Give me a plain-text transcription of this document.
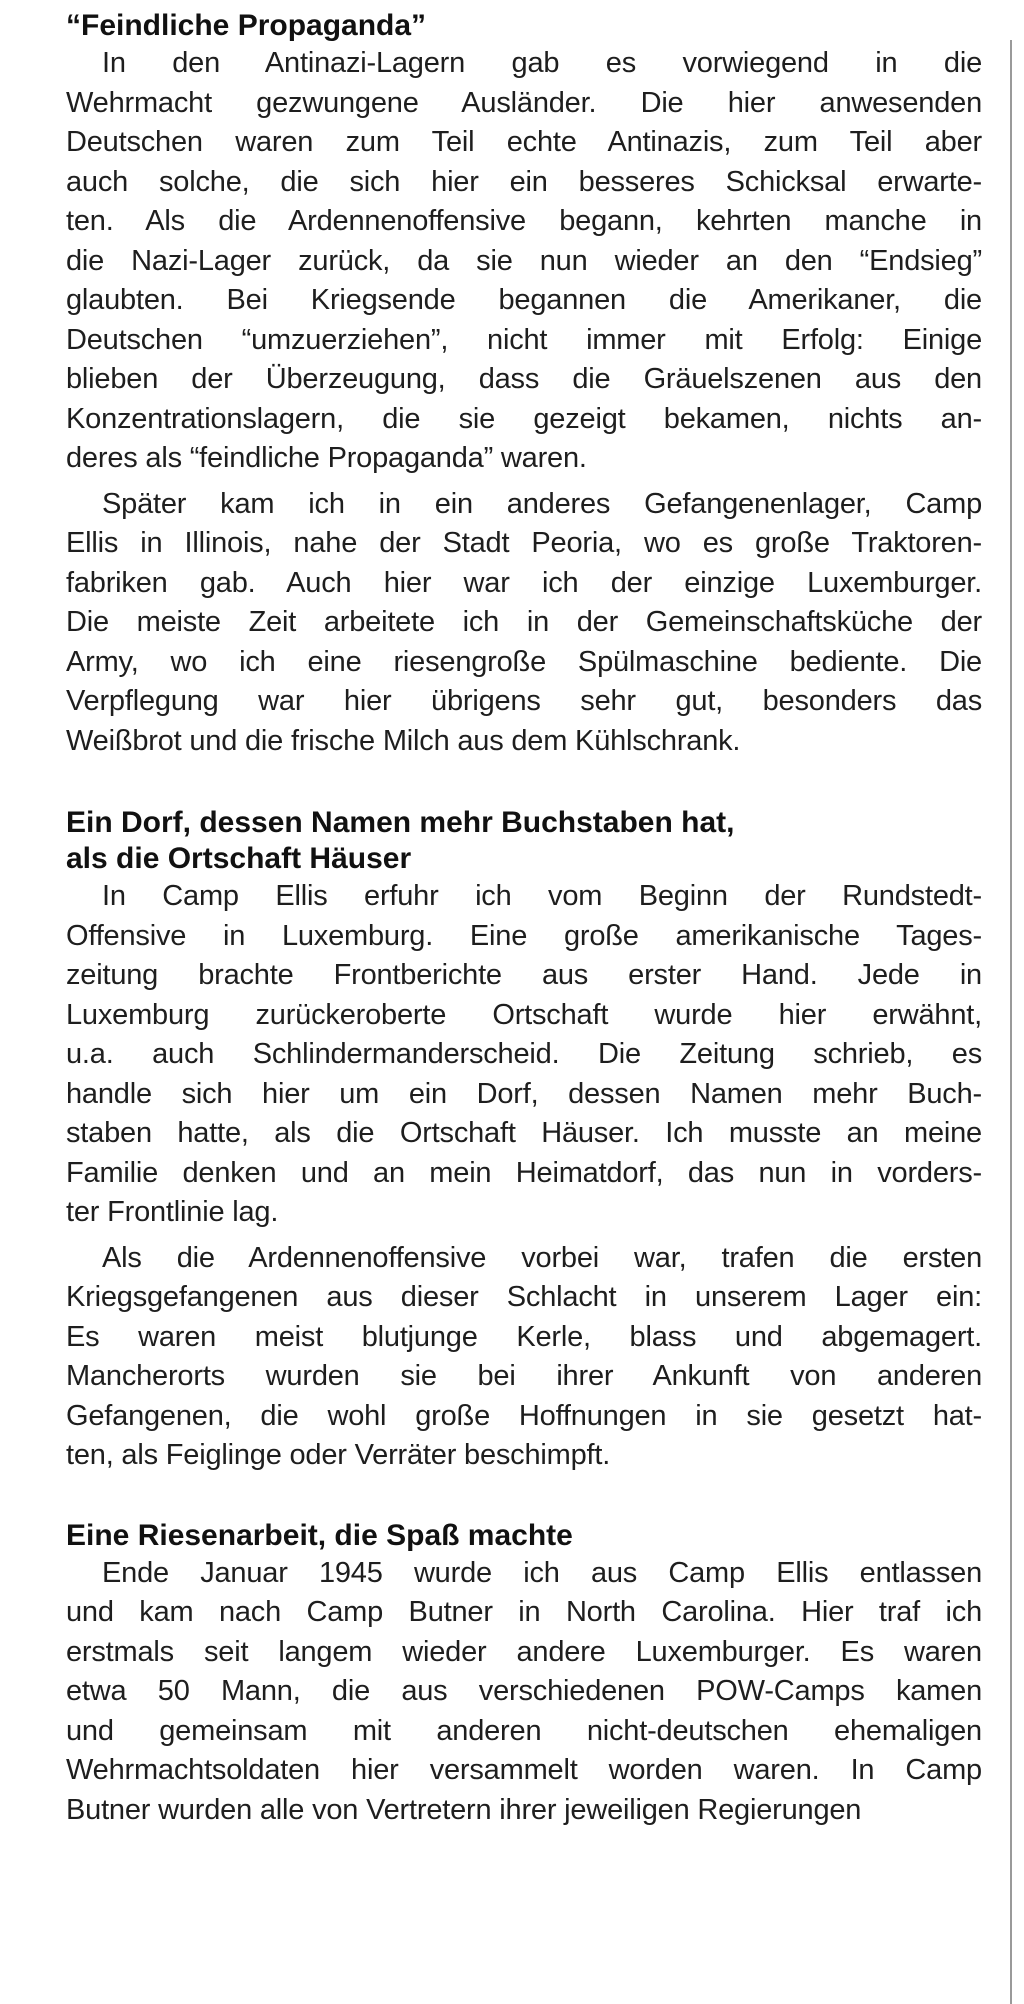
“Feindliche Propaganda”

In den Antinazi-Lagern gab es vorwiegend in die
Wehrmacht gezwungene Ausländer. Die hier anwesenden
Deutschen waren zum Teil echte Antinazis, zum Teil aber
auch solche, die sich hier ein besseres Schicksal erwarte-
ten. Als die Ardennenoffensive begann, kehrten manche in
die Nazi-Lager zurück, da sie nun wieder an den “Endsieg”
glaubten. Bei Kriegsende begannen die Amerikaner, die
Deutschen “umzuerziehen”, nicht immer mit Erfolg: Einige
blieben der Überzeugung, dass die Gräuelszenen aus den
Konzentrationslagern, die sie gezeigt bekamen, nichts an-
deres als “feindliche Propaganda” waren.

Später kam ich in ein anderes Gefangenenlager, Camp
Ellis in Illinois, nahe der Stadt Peoria, wo es große Traktoren-
fabriken gab. Auch hier war ich der einzige Luxemburger.
Die meiste Zeit arbeitete ich in der Gemeinschaftsküche der
Army, wo ich eine riesengroße Spülmaschine bediente. Die
Verpflegung war hier übrigens sehr gut, besonders das
Weißbrot und die frische Milch aus dem Kühlschrank.

Ein Dorf, dessen Namen mehr Buchstaben hat,
als die Ortschaft Häuser

In Camp Ellis erfuhr ich vom Beginn der Rundstedt-
Offensive in Luxemburg. Eine große amerikanische Tages-
zeitung brachte Frontberichte aus erster Hand. Jede in
Luxemburg zurückeroberte Ortschaft wurde hier erwähnt,
u.a. auch Schlindermanderscheid. Die Zeitung schrieb, es
handle sich hier um ein Dorf, dessen Namen mehr Buch-
staben hatte, als die Ortschaft Häuser. Ich musste an meine
Familie denken und an mein Heimatdorf, das nun in vorders-
ter Frontlinie lag.

Als die Ardennenoffensive vorbei war, trafen die ersten
Kriegsgefangenen aus dieser Schlacht in unserem Lager ein:
Es waren meist blutjunge Kerle, blass und abgemagert.
Mancherorts wurden sie bei ihrer Ankunft von anderen
Gefangenen, die wohl große Hoffnungen in sie gesetzt hat-
ten, als Feiglinge oder Verräter beschimpft.

Eine Riesenarbeit, die Spaß machte

Ende Januar 1945 wurde ich aus Camp Ellis entlassen
und kam nach Camp Butner in North Carolina. Hier traf ich
erstmals seit langem wieder andere Luxemburger. Es waren
etwa 50 Mann, die aus verschiedenen POW-Camps kamen
und gemeinsam mit anderen nicht-deutschen ehemaligen
Wehrmachtsoldaten hier versammelt worden waren. In Camp
Butner wurden alle von Vertretern ihrer jeweiligen Regierungen
